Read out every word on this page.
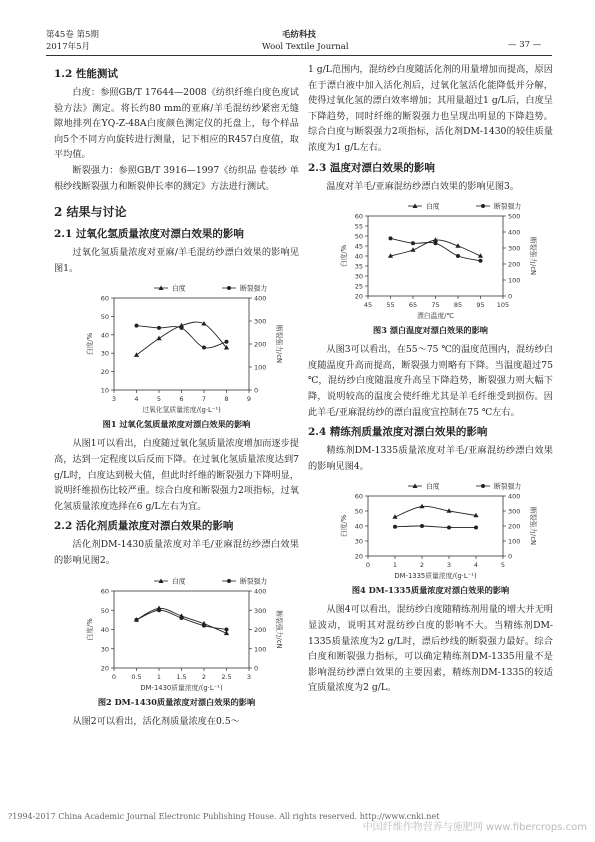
第45卷 第5期
2017年5月
毛纺科技
Wool Textile Journal	— 37 —
1.2 性能测试

白度：参照GB/T 17644—2008《纺织纤维白度色度试验方法》测定。将长约80 mm的亚麻/羊毛混纺纱紧密无缝隙地排列在YQ-Z-48A白度颜色测定仪的托盘上，每个样品向5个不同方向旋转进行测量，记下相应的R457白度值，取平均值。

断裂强力：参照GB/T 3916—1997《纺织品 卷装纱 单根纱线断裂强力和断裂伸长率的测定》方法进行测试。

2 结果与讨论
2.1 过氧化氢质量浓度对漂白效果的影响

过氧化氢质量浓度对亚麻/羊毛混纺纱漂白效果的影响见图1。

3	4	5	6	7	8	9
10
20
30
40
50
60
0
100
200
300
400
过氧化氢质量浓度/(g·L⁻¹)
白度/%	断裂强力/cN
白度	断裂强力
图1 过氧化氢质量浓度对漂白效果的影响

从图1可以看出，白度随过氧化氢质量浓度增加而逐步提高，达到一定程度以后反而下降。在过氧化氢质量浓度达到7 g/L时，白度达到极大值，但此时纤维的断裂强力下降明显，说明纤维损伤比较严重。综合白度和断裂强力2项指标，过氧化氢质量浓度选择在6 g/L左右为宜。

2.2 活化剂质量浓度对漂白效果的影响

活化剂DM-1430质量浓度对羊毛/亚麻混纺纱漂白效果的影响见图2。

0 0.5 1 1.5 2 2.5 3
20
30
40
50
60
0
100
200
300
400
DM-1430质量浓度/(g·L⁻¹)
白度/%	断裂强力/cN
白度	断裂强力
图2 DM-1430质量浓度对漂白效果的影响

从图2可以看出，活化剂质量浓度在0.5～

1 g/L范围内，混纺纱白度随活化剂的用量增加而提高，原因在于漂白液中加入活化剂后，过氧化氢活化能降低并分解，使得过氧化氢的漂白效率增加；其用量超过1 g/L后，白度呈下降趋势，同时纤维的断裂强力也呈现出明显的下降趋势。综合白度与断裂强力2项指标，活化剂DM-1430的较佳质量浓度为1 g/L左右。

2.3 温度对漂白效果的影响

温度对羊毛/亚麻混纺纱漂白效果的影响见图3。

45 55 65 75 85 95 105
20
25
30
35
40
45
50
55
60
0
100
200
300
400
500
漂白温度/℃
白度/%	断裂强力/cN
白度	断裂强力
图3 漂白温度对漂白效果的影响

从图3可以看出，在55～75 ℃的温度范围内，混纺纱白度随温度升高而提高，断裂强力则略有下降。当温度超过75 ℃，混纺纱白度随温度升高呈下降趋势，断裂强力则大幅下降，说明较高的温度会使纤维尤其是羊毛纤维受到损伤。因此羊毛/亚麻混纺纱的漂白温度宜控制在75 ℃左右。

2.4 精练剂质量浓度对漂白效果的影响

精练剂DM-1335质量浓度对羊毛/亚麻混纺纱漂白效果的影响见图4。

0	1	2	3	4	5
20
30
40
50
60
0
100
200
300
400
DM-1335质量浓度/(g·L⁻¹)
白度/%	断裂强力/cN
白度	断裂强力
图4 DM-1335质量浓度对漂白效果的影响

从图4可以看出，混纺纱白度随精练剂用量的增大并无明显波动，说明其对混纺纱白度的影响不大。当精练剂DM-1335质量浓度为2 g/L时，漂后纱线的断裂强力最好。综合白度和断裂强力指标，可以确定精练剂DM-1335用量不是影响混纺纱漂白效果的主要因素，精练剂DM-1335的较适宜质量浓度为2 g/L。

?1994-2017 China Academic Journal Electronic Publishing House. All rights reserved. http://www.cnki.net
中国纤维作物营养与施肥网 www.fibercrops.com
